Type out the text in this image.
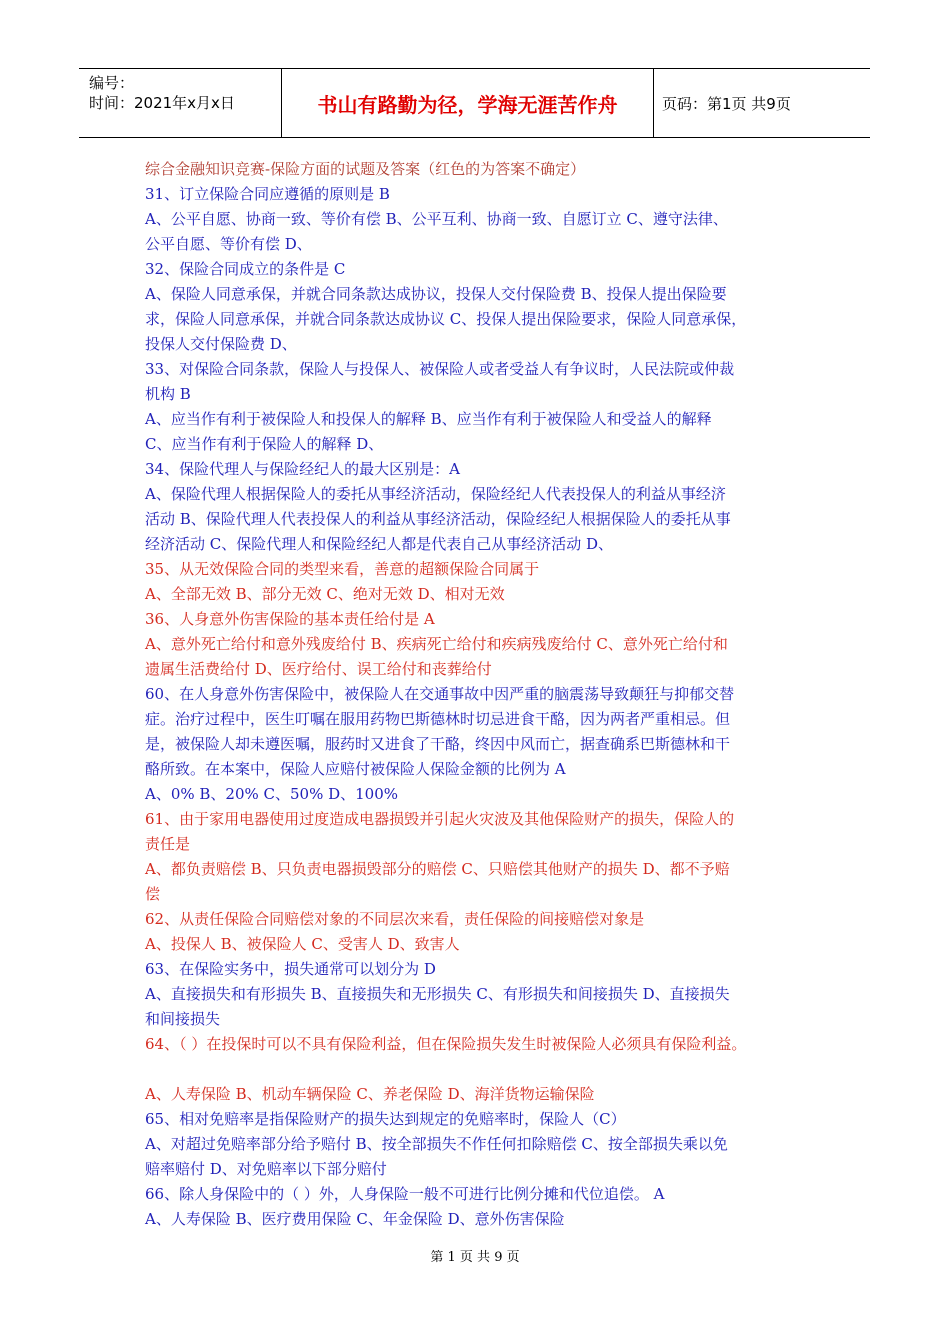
编号：
时间：2021年x月x日	书山有路勤为径，学海无涯苦作舟	页码：第1页 共9页
综合金融知识竞赛-保险方面的试题及答案（红色的为答案不确定）
31、订立保险合同应遵循的原则是 B
A、公平自愿、协商一致、等价有偿 B、公平互利、协商一致、自愿订立 C、遵守法律、
公平自愿、等价有偿 D、
32、保险合同成立的条件是 C
A、保险人同意承保，并就合同条款达成协议，投保人交付保险费 B、投保人提出保险要
求，保险人同意承保，并就合同条款达成协议 C、投保人提出保险要求，保险人同意承保，
投保人交付保险费 D、
33、对保险合同条款，保险人与投保人、被保险人或者受益人有争议时，人民法院或仲裁
机构 B
A、应当作有利于被保险人和投保人的解释 B、应当作有利于被保险人和受益人的解释
C、应当作有利于保险人的解释 D、
34、保险代理人与保险经纪人的最大区别是：A
A、保险代理人根据保险人的委托从事经济活动，保险经纪人代表投保人的利益从事经济
活动 B、保险代理人代表投保人的利益从事经济活动，保险经纪人根据保险人的委托从事
经济活动 C、保险代理人和保险经纪人都是代表自己从事经济活动 D、
35、从无效保险合同的类型来看，善意的超额保险合同属于
A、全部无效 B、部分无效 C、绝对无效 D、相对无效
36、人身意外伤害保险的基本责任给付是 A
A、意外死亡给付和意外残废给付 B、疾病死亡给付和疾病残废给付 C、意外死亡给付和
遗属生活费给付 D、医疗给付、误工给付和丧葬给付
60、在人身意外伤害保险中，被保险人在交通事故中因严重的脑震荡导致颠狂与抑郁交替
症。治疗过程中，医生叮嘱在服用药物巴斯德林时切忌进食干酪，因为两者严重相忌。但
是，被保险人却未遵医嘱，服药时又进食了干酪，终因中风而亡，据查确系巴斯德林和干
酪所致。在本案中，保险人应赔付被保险人保险金额的比例为 A
A、0% B、20% C、50% D、100%
61、由于家用电器使用过度造成电器损毁并引起火灾波及其他保险财产的损失，保险人的
责任是
A、都负责赔偿 B、只负责电器损毁部分的赔偿 C、只赔偿其他财产的损失 D、都不予赔
偿
62、从责任保险合同赔偿对象的不同层次来看，责任保险的间接赔偿对象是
A、投保人 B、被保险人 C、受害人 D、致害人
63、在保险实务中，损失通常可以划分为 D
A、直接损失和有形损失 B、直接损失和无形损失 C、有形损失和间接损失 D、直接损失
和间接损失
64、（ ）在投保时可以不具有保险利益，但在保险损失发生时被保险人必须具有保险利益。
A、人寿保险 B、机动车辆保险 C、养老保险 D、海洋货物运输保险
65、相对免赔率是指保险财产的损失达到规定的免赔率时，保险人（C）
A、对超过免赔率部分给予赔付 B、按全部损失不作任何扣除赔偿 C、按全部损失乘以免
赔率赔付 D、对免赔率以下部分赔付
66、除人身保险中的（ ）外，人身保险一般不可进行比例分摊和代位追偿。 A
A、人寿保险 B、医疗费用保险 C、年金保险 D、意外伤害保险
第 1 页 共 9 页
